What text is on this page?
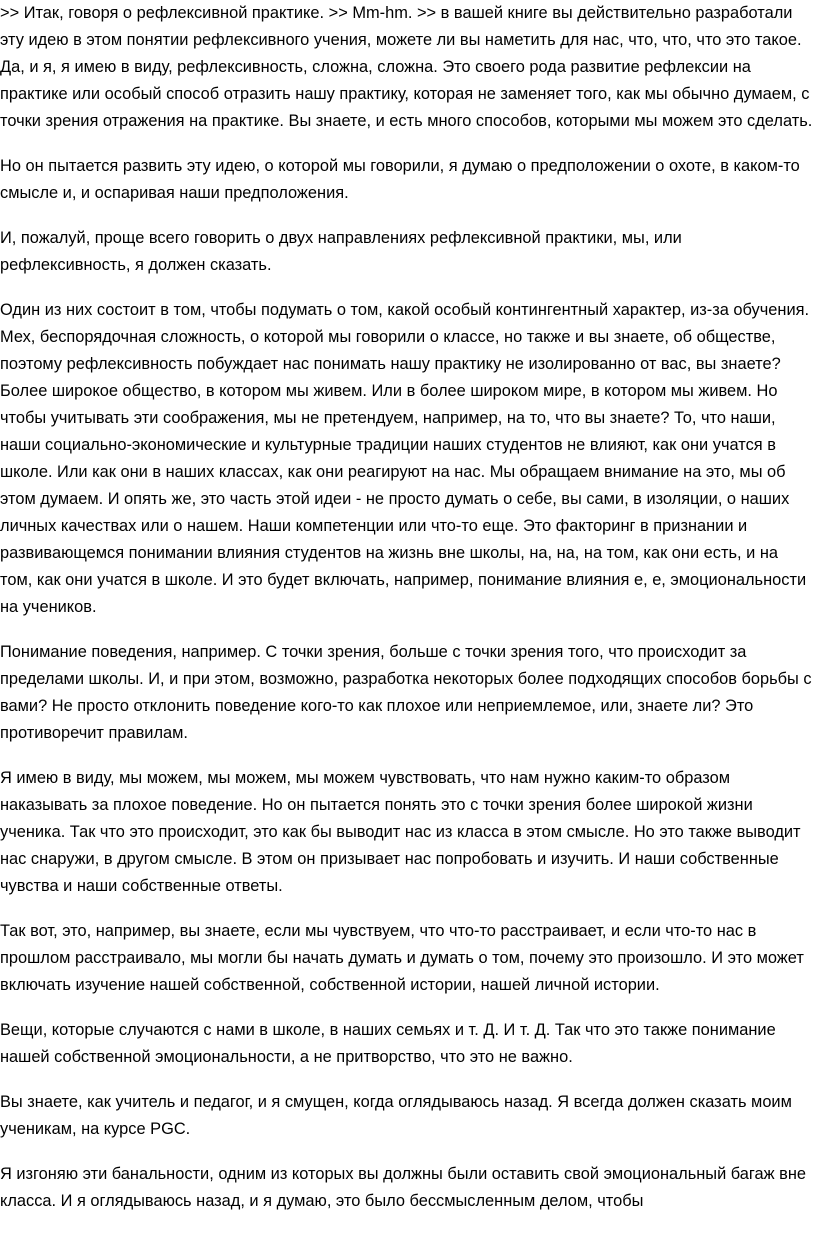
>> Итак, говоря о рефлексивной практике. >> Mm-hm. >> в вашей книге вы действительно разработали эту идею в этом понятии рефлексивного учения, можете ли вы наметить для нас, что, что, что это такое. Да, и я, я имею в виду, рефлексивность, сложна, сложна. Это своего рода развитие рефлексии на практике или особый способ отразить нашу практику, которая не заменяет того, как мы обычно думаем, с точки зрения отражения на практике. Вы знаете, и есть много способов, которыми мы можем это сделать.

Но он пытается развить эту идею, о которой мы говорили, я думаю о предположении о охоте, в каком-то смысле и, и оспаривая наши предположения.

И, пожалуй, проще всего говорить о двух направлениях рефлексивной практики, мы, или рефлексивность, я должен сказать.

Один из них состоит в том, чтобы подумать о том, какой особый контингентный характер, из-за обучения. Мех, беспорядочная сложность, о которой мы говорили о классе, но также и вы знаете, об обществе, поэтому рефлексивность побуждает нас понимать нашу практику не изолированно от вас, вы знаете? Более широкое общество, в котором мы живем. Или в более широком мире, в котором мы живем. Но чтобы учитывать эти соображения, мы не претендуем, например, на то, что вы знаете? То, что наши, наши социально-экономические и культурные традиции наших студентов не влияют, как они учатся в школе. Или как они в наших классах, как они реагируют на нас. Мы обращаем внимание на это, мы об этом думаем. И опять же, это часть этой идеи - не просто думать о себе, вы сами, в изоляции, о наших личных качествах или о нашем. Наши компетенции или что-то еще. Это факторинг в признании и развивающемся понимании влияния студентов на жизнь вне школы, на, на, на том, как они есть, и на том, как они учатся в школе. И это будет включать, например, понимание влияния е, е, эмоциональности на учеников.

Понимание поведения, например. С точки зрения, больше с точки зрения того, что происходит за пределами школы. И, и при этом, возможно, разработка некоторых более подходящих способов борьбы с вами? Не просто отклонить поведение кого-то как плохое или неприемлемое, или, знаете ли? Это противоречит правилам.

Я имею в виду, мы можем, мы можем, мы можем чувствовать, что нам нужно каким-то образом наказывать за плохое поведение. Но он пытается понять это с точки зрения более широкой жизни ученика. Так что это происходит, это как бы выводит нас из класса в этом смысле. Но это также выводит нас снаружи, в другом смысле. В этом он призывает нас попробовать и изучить. И наши собственные чувства и наши собственные ответы.

Так вот, это, например, вы знаете, если мы чувствуем, что что-то расстраивает, и если что-то нас в прошлом расстраивало, мы могли бы начать думать и думать о том, почему это произошло. И это может включать изучение нашей собственной, собственной истории, нашей личной истории.

Вещи, которые случаются с нами в школе, в наших семьях и т. Д. И т. Д. Так что это также понимание нашей собственной эмоциональности, а не притворство, что это не важно.

Вы знаете, как учитель и педагог, и я смущен, когда оглядываюсь назад. Я всегда должен сказать моим ученикам, на курсе PGC.

Я изгоняю эти банальности, одним из которых вы должны были оставить свой эмоциональный багаж вне класса. И я оглядываюсь назад, и я думаю, это было бессмысленным делом, чтобы
